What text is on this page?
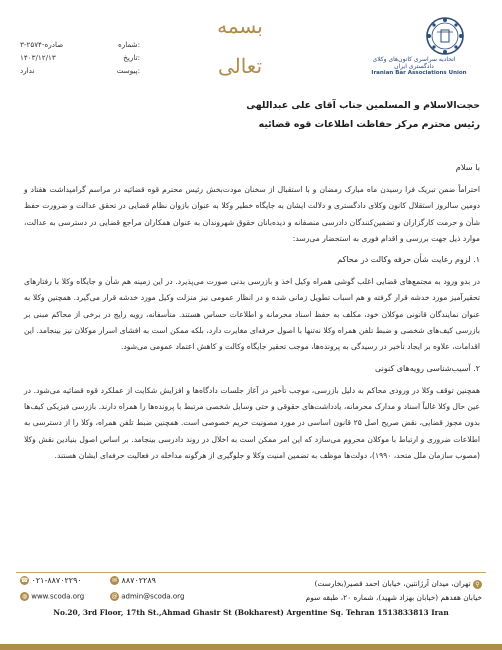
شماره:
۳-صادره-۲۵۷۴
تاریخ:
۱۴۰۳/۱۲/۱۳
پیوست:
ندارد
بسمه تعالی	اتحادیه سراسری کانون‌های وکلای دادگستری ایران
Iranian Bar Associations Union
حجت‌الاسلام و المسلمین جناب آقای علی عبداللهی
رئیس محترم مرکز حفاظت اطلاعات قوه قضائیه
با سلام

احتراماً ضمن تبریک فرا رسیدن ماه مبارک رمضان و با استقبال از سخنان مودت‌بخش رئیس محترم قوه قضائیه در مراسم گرامیداشت هفتاد و دومین سالروز استقلال کانون وکلای دادگستری و دلالت ایشان به جایگاه خطیر وکلا به عنوان بازوان نظام قضایی در تحقق عدالت و ضرورت حفظ شأن و حرمت کارگزاران و تضمین‌کنندگان دادرسی منصفانه و دیده‌بانان حقوق شهروندان به عنوان همکاران مراجع قضایی در دسترسی به عدالت، موارد ذیل جهت بررسی و اقدام فوری به استحضار می‌رسد:

۱. لزوم رعایت شأن حرفه وکالت در محاکم

در بدو ورود به مجتمع‌های قضایی اغلب گوشی همراه وکیل اخذ و بازرسی بدنی صورت می‌پذیرد. در این زمینه هم شأن و جایگاه وکلا با رفتارهای تحقیرآمیز مورد خدشه قرار گرفته و هم اسباب تطویل زمانی شده و در انظار عمومی نیز منزلت وکیل مورد خدشه قرار می‌گیرد. همچنین وکلا به عنوان نمایندگان قانونی موکلان خود، مکلف به حفظ اسناد محرمانه و اطلاعات حساس هستند. متأسفانه، رویه رایج در برخی از محاکم مبنی بر بازرسی کیف‌های شخصی و ضبط تلفن همراه وکلا نه‌تنها با اصول حرفه‌ای مغایرت دارد، بلکه ممکن است به افشای اسرار موکلان نیز بینجامد. این اقدامات، علاوه بر ایجاد تأخیر در رسیدگی به پرونده‌ها، موجب تحقیر جایگاه وکالت و کاهش اعتماد عمومی می‌شود.

۲. آسیب‌شناسی رویه‌های کنونی

همچنین توقف وکلا در ورودی محاکم به دلیل بازرسی، موجب تأخیر در آغاز جلسات دادگاه‌ها و افزایش شکایت از عملکرد قوه قضائیه می‌شود. در عین حال وکلا غالباً اسناد و مدارک محرمانه، یادداشت‌های حقوقی و حتی وسایل شخصی مرتبط با پرونده‌ها را همراه دارند. بازرسی فیزیکی کیف‌ها بدون مجوز قضایی، نقض صریح اصل ۲۵ قانون اساسی در مورد مصونیت حریم خصوصی است. همچنین ضبط تلفن همراه، وکلا را از دسترسی به اطلاعات ضروری و ارتباط با موکلان محروم می‌سازد که این امر ممکن است به اخلال در روند دادرسی بینجامد. بر اساس اصول بنیادین نقش وکلا (مصوب سازمان ملل متحد، ۱۹۹۰)، دولت‌ها موظف به تضمین امنیت وکلا و جلوگیری از هرگونه مداخله در فعالیت حرفه‌ای ایشان هستند.

☎ ۰۲۱-۸۸۷۰۲۲۹۰	✉ ۸۸۷۰۲۲۸۹
◍ www.scoda.org	@ admin@scoda.org
⚲ تهران، میدان آرژانتین، خیابان احمد قصیر(بخارست)
خیابان هفدهم (خیابان بهزاد شهید)، شماره ۲۰، طبقه سوم
No.20, 3rd Floor, 17th St.,Ahmad Ghasir St (Bokharest) Argentine Sq. Tehran 1513833813 Iran
